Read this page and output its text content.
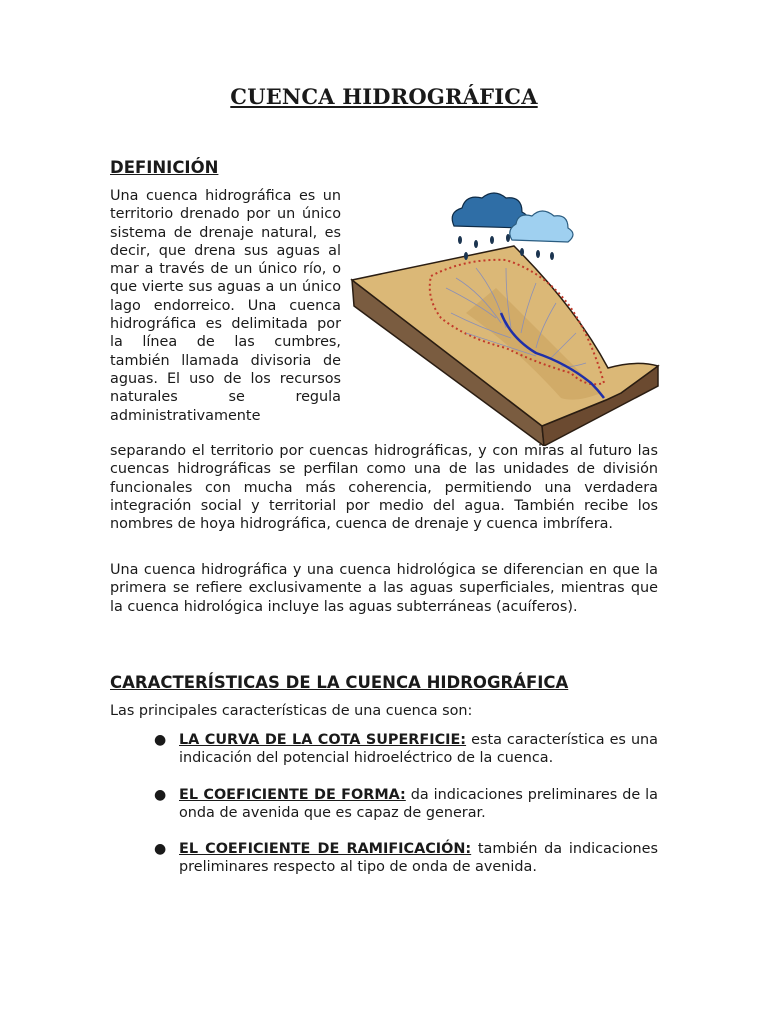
CUENCA HIDROGRÁFICA
DEFINICIÓN

Una cuenca hidrográfica es un territorio drenado por un único sistema de drenaje natural, es decir, que drena sus aguas al mar a través de un único río, o que vierte sus aguas a un único lago endorreico. Una cuenca hidrográfica es delimitada por la línea de las cumbres, también llamada divisoria de aguas. El uso de los recursos naturales se regula administrativamente

separando el territorio por cuencas hidrográficas, y con miras al futuro las cuencas hidrográficas se perfilan como una de las unidades de división funcionales con mucha más coherencia, permitiendo una verdadera integración social y territorial por medio del agua. También recibe los nombres de hoya hidrográfica, cuenca de drenaje y cuenca imbrífera.

Una cuenca hidrográfica y una cuenca hidrológica se diferencian en que la primera se refiere exclusivamente a las aguas superficiales, mientras que la cuenca hidrológica incluye las aguas subterráneas (acuíferos).

CARACTERÍSTICAS DE LA CUENCA HIDROGRÁFICA
Las principales características de una cuenca son:
● LA CURVA DE LA COTA SUPERFICIE: esta característica es una indicación del potencial hidroeléctrico de la cuenca.
● EL COEFICIENTE DE FORMA: da indicaciones preliminares de la onda de avenida que es capaz de generar.
● EL COEFICIENTE DE RAMIFICACIÓN: también da indicaciones preliminares respecto al tipo de onda de avenida.
